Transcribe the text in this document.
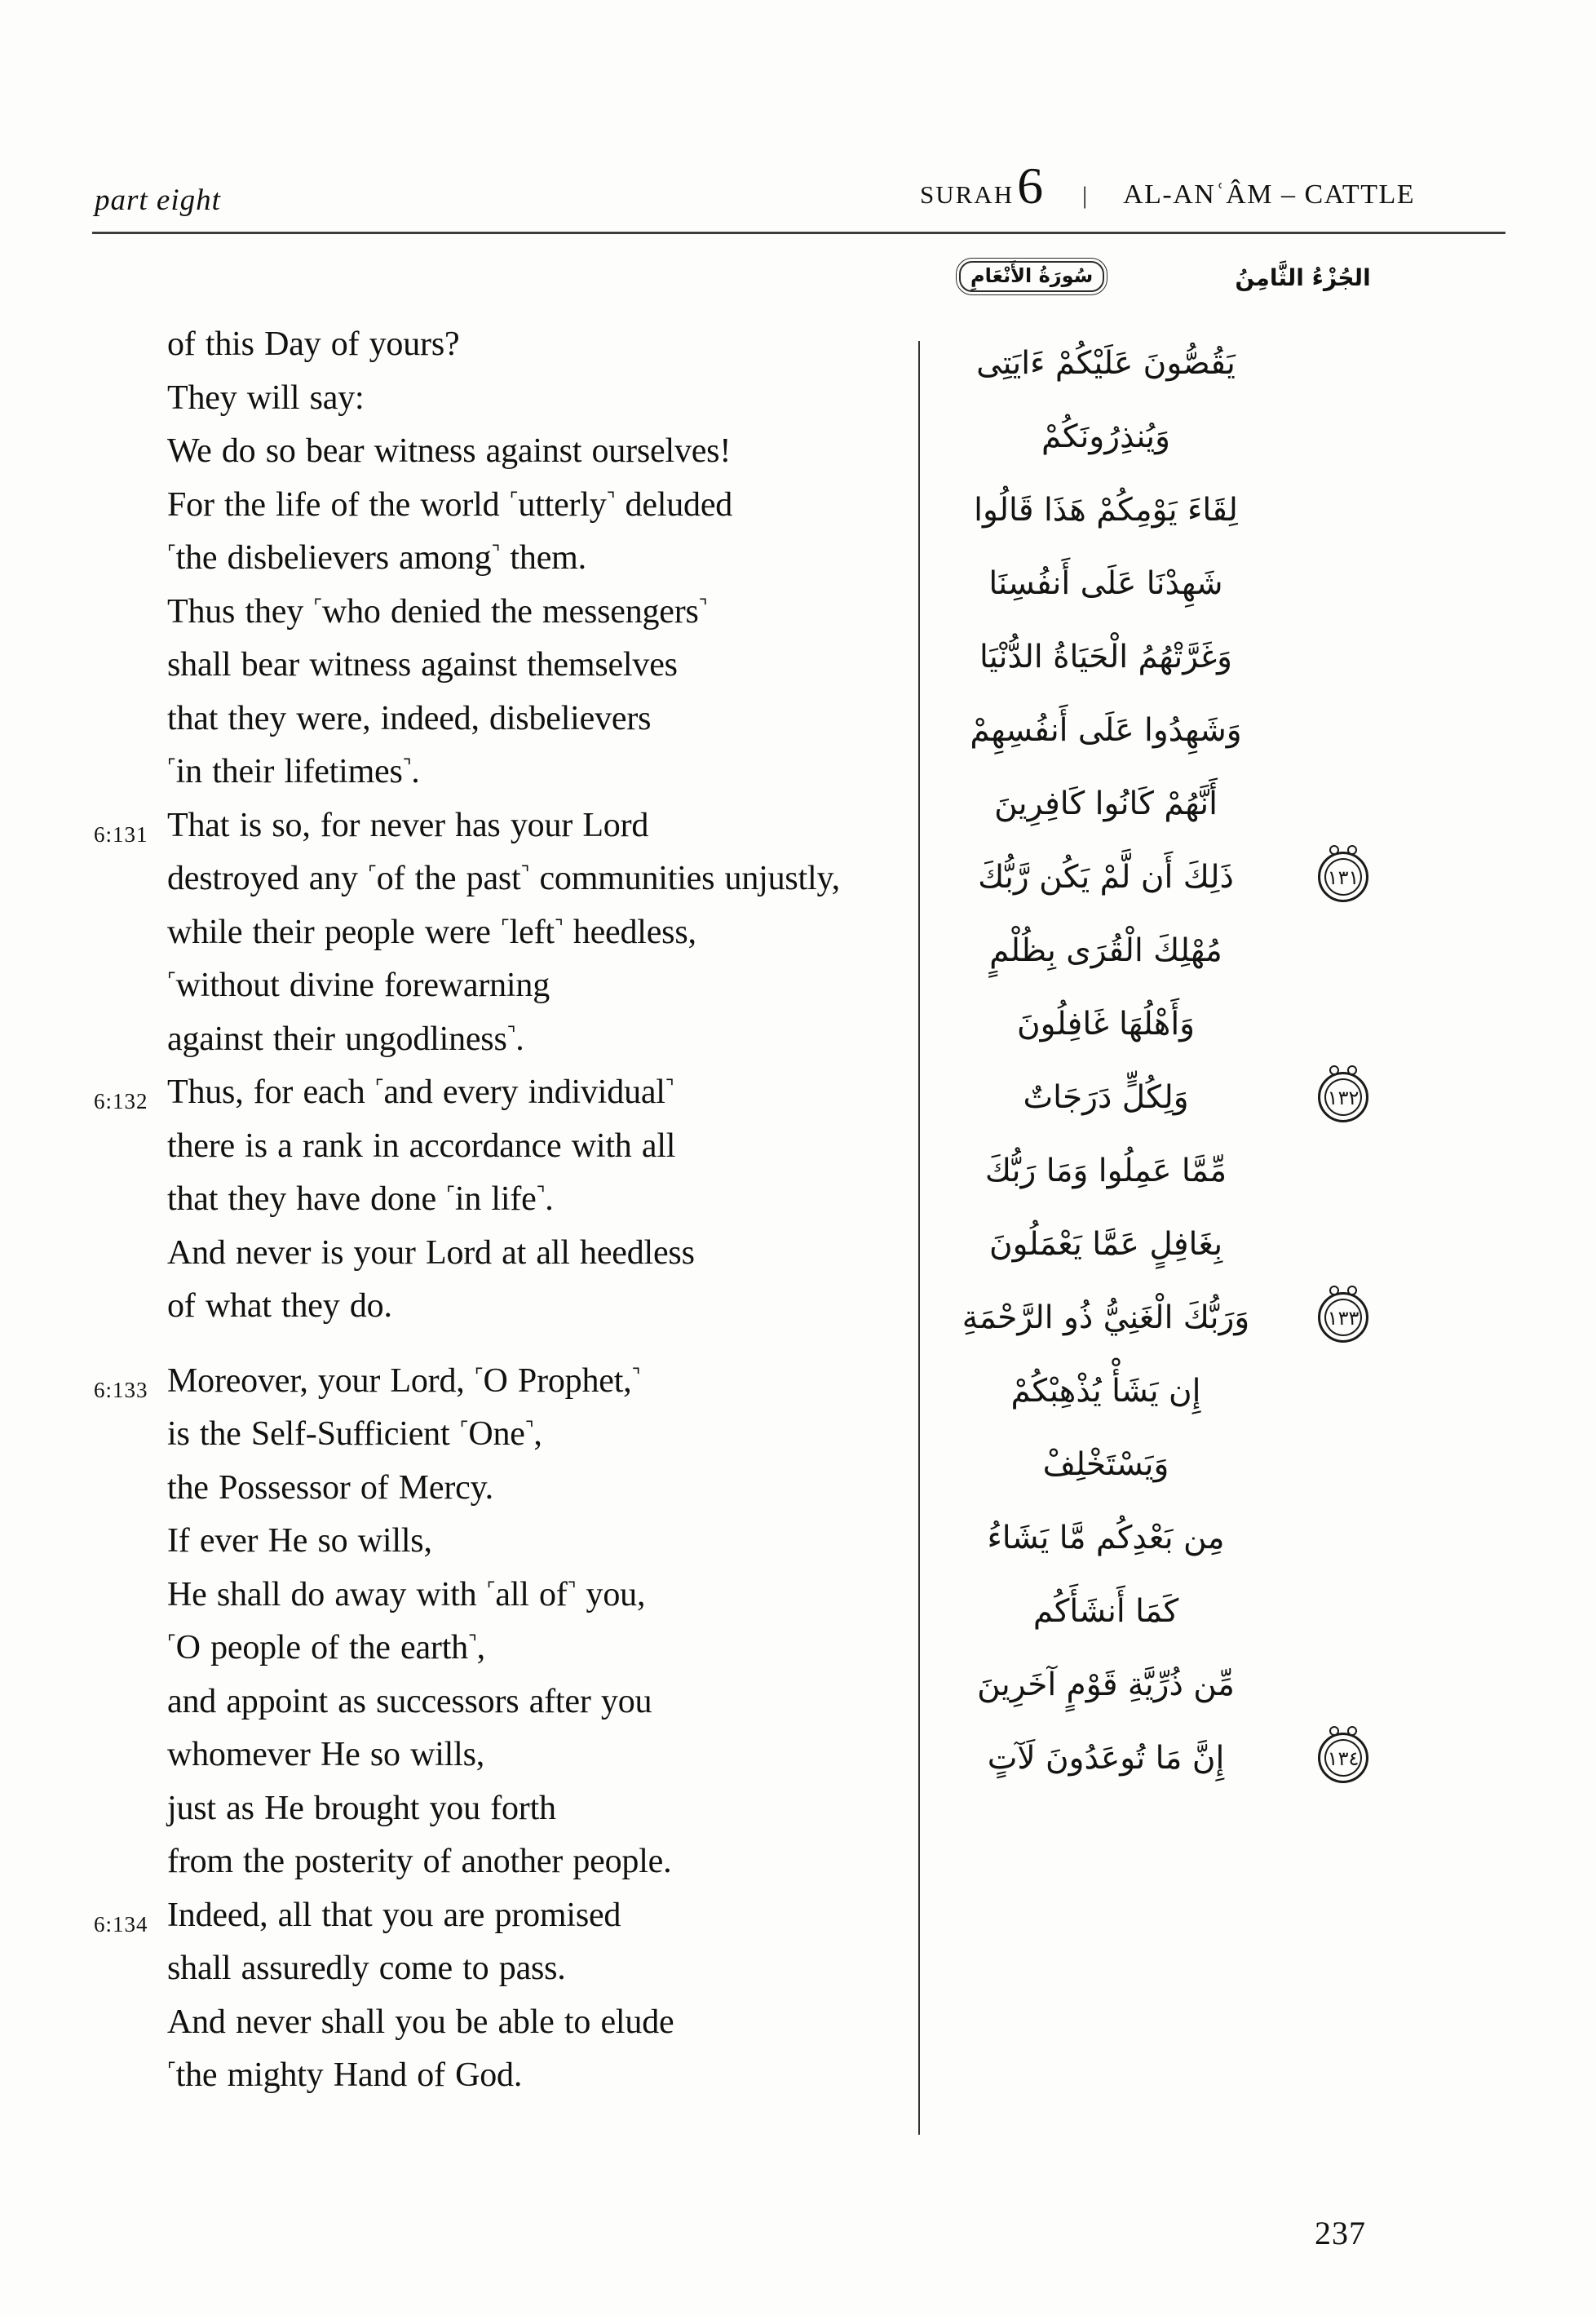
part eight	SURAH 6 | AL-ANʿÂM – CATTLE
الجُزْءُ الثَّامِنُ
سُورَةُ الأَنْعَامِ
of this Day of yours?
They will say:
We do so bear witness against ourselves!
For the life of the world ⌜utterly⌝ deluded
⌜the disbelievers among⌝ them.
Thus they ⌜who denied the messengers⌝
shall bear witness against themselves
that they were, indeed, disbelievers
⌜in their lifetimes⌝.
6:131 That is so, for never has your Lord
destroyed any ⌜of the past⌝ communities unjustly,
while their people were ⌜left⌝ heedless,
⌜without divine forewarning
against their ungodliness⌝.
6:132 Thus, for each ⌜and every individual⌝
there is a rank in accordance with all
that they have done ⌜in life⌝.
And never is your Lord at all heedless
of what they do.
6:133 Moreover, your Lord, ⌜O Prophet,⌝
is the Self-Sufficient ⌜One⌝,
the Possessor of Mercy.
If ever He so wills,
He shall do away with ⌜all of⌝ you,
⌜O people of the earth⌝,
and appoint as successors after you
whomever He so wills,
just as He brought you forth
from the posterity of another people.
6:134 Indeed, all that you are promised
shall assuredly come to pass.
And never shall you be able to elude
⌜the mighty Hand of God.
يَقُصُّونَ عَلَيْكُمْ ءَايَتِى
وَيُنذِرُونَكُمْ
لِقَاءَ يَوْمِكُمْ هَذَا قَالُوا
شَهِدْنَا عَلَى أَنفُسِنَا
وَغَرَّتْهُمُ الْحَيَاةُ الدُّنْيَا
وَشَهِدُوا عَلَى أَنفُسِهِمْ
أَنَّهُمْ كَانُوا كَافِرِينَ
ذَلِكَ أَن لَّمْ يَكُن رَّبُّكَ	١٣١
مُهْلِكَ الْقُرَى بِظُلْمٍ
وَأَهْلُهَا غَافِلُونَ
وَلِكُلٍّ دَرَجَاتٌ	١٣٢
مِّمَّا عَمِلُوا وَمَا رَبُّكَ
بِغَافِلٍ عَمَّا يَعْمَلُونَ
وَرَبُّكَ الْغَنِيُّ ذُو الرَّحْمَةِ	١٣٣
إِن يَشَأْ يُذْهِبْكُمْ
وَيَسْتَخْلِفْ
مِن بَعْدِكُم مَّا يَشَاءُ
كَمَا أَنشَأَكُم
مِّن ذُرِّيَّةِ قَوْمٍ آخَرِينَ
إِنَّ مَا تُوعَدُونَ لَآتٍ	١٣٤
237
